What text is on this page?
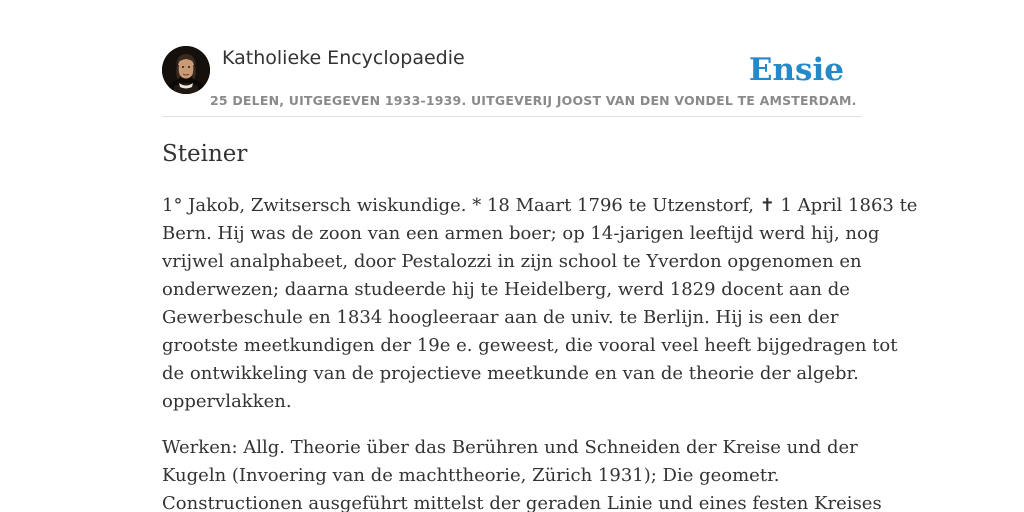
Katholieke Encyclopaedie	Ensie
25 DELEN, UITGEGEVEN 1933-1939. UITGEVERIJ JOOST VAN DEN VONDEL TE AMSTERDAM.
Steiner

1° Jakob, Zwitsersch wiskundige. * 18 Maart 1796 te Utzenstorf, ✝ 1 April 1863 te
Bern. Hij was de zoon van een armen boer; op 14-jarigen leeftijd werd hij, nog
vrijwel analphabeet, door Pestalozzi in zijn school te Yverdon opgenomen en
onderwezen; daarna studeerde hij te Heidelberg, werd 1829 docent aan de
Gewerbeschule en 1834 hoogleeraar aan de univ. te Berlijn. Hij is een der
grootste meetkundigen der 19e e. geweest, die vooral veel heeft bijgedragen tot
de ontwikkeling van de projectieve meetkunde en van de theorie der algebr.
oppervlakken.

Werken: Allg. Theorie über das Berühren und Schneiden der Kreise und der
Kugeln (Invoering van de machttheorie, Zürich 1931); Die geometr.
Constructionen ausgeführt mittelst der geraden Linie und eines festen Kreises
